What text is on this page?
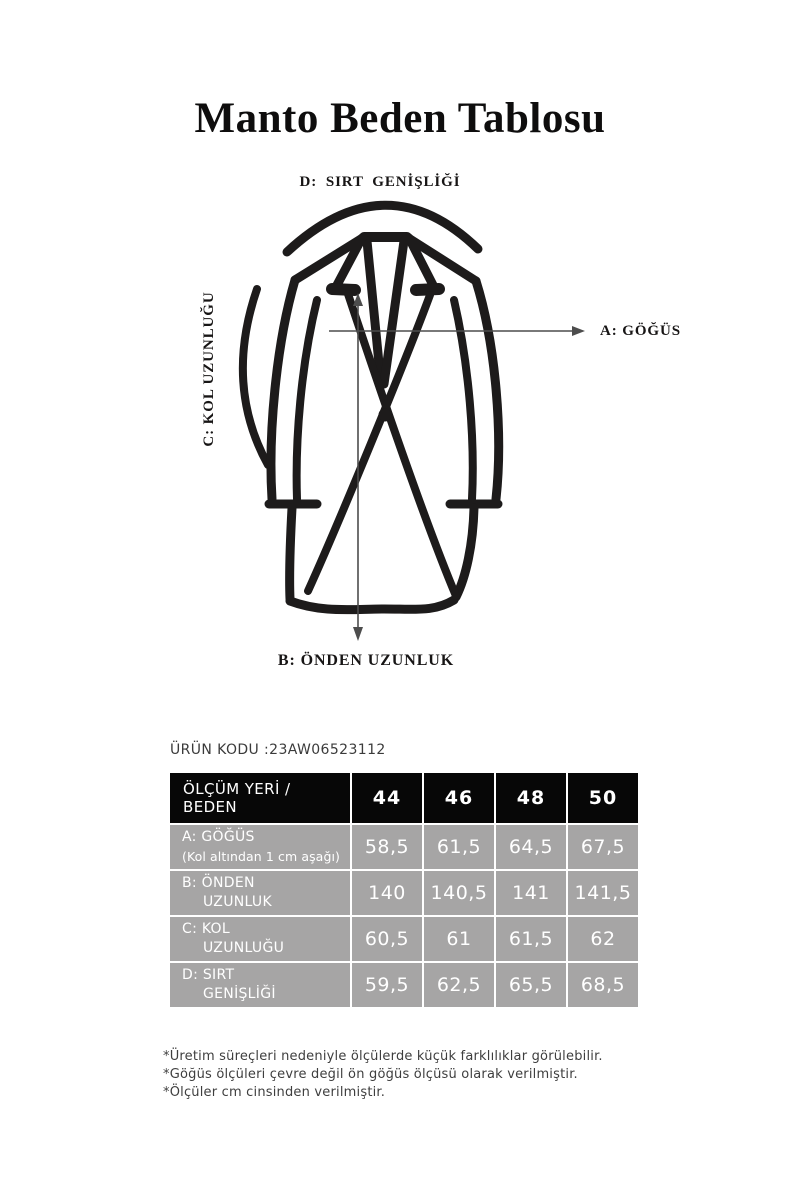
Manto Beden Tablosu
D: SIRT GENİŞLİĞİ
A: GÖĞÜS
B: ÖNDEN UZUNLUK
C: KOL UZUNLUĞU
ÜRÜN KODU :23AW06523112
ÖLÇÜM YERİ / BEDEN	44	46	48	50

A: GÖĞÜS
(Kol altından 1 cm aşağı)	58,5	61,5	64,5	67,5

B: ÖNDEN
UZUNLUK	140	140,5	141	141,5

C: KOL
UZUNLUĞU	60,5	61	61,5	62

D: SIRT
GENİŞLİĞİ	59,5	62,5	65,5	68,5
*Üretim süreçleri nedeniyle ölçülerde küçük farklılıklar görülebilir.
*Göğüs ölçüleri çevre değil ön göğüs ölçüsü olarak verilmiştir.
*Ölçüler cm cinsinden verilmiştir.
